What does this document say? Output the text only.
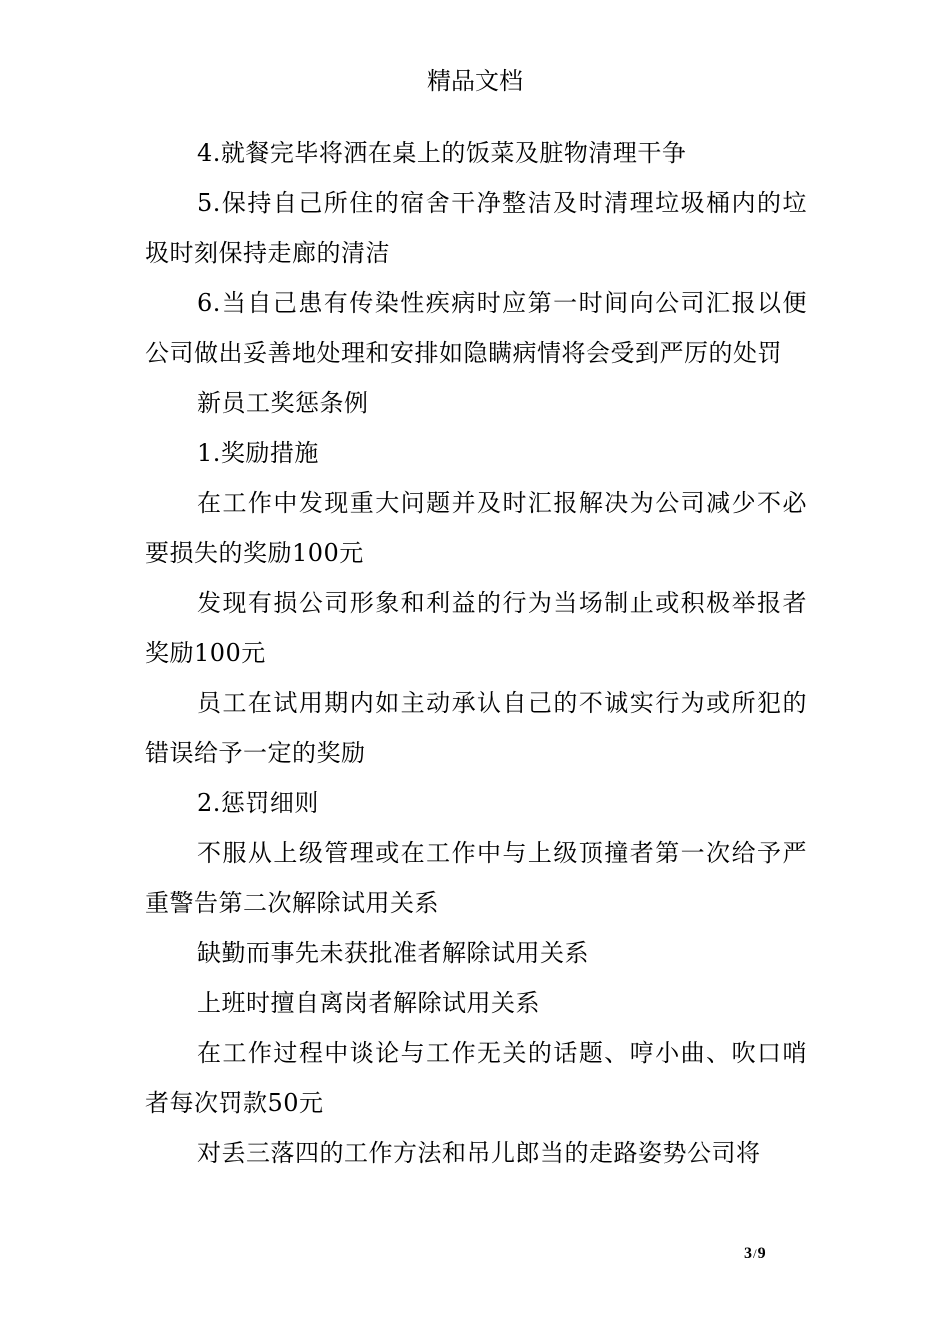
精品文档

4.就餐完毕将洒在桌上的饭菜及脏物清理干争

5.保持自己所住的宿舍干净整洁及时清理垃圾桶内的垃圾时刻保持走廊的清洁

6.当自己患有传染性疾病时应第一时间向公司汇报以便公司做出妥善地处理和安排如隐瞒病情将会受到严厉的处罚

新员工奖惩条例

1.奖励措施

在工作中发现重大问题并及时汇报解决为公司减少不必要损失的奖励100元

发现有损公司形象和利益的行为当场制止或积极举报者奖励100元

员工在试用期内如主动承认自己的不诚实行为或所犯的错误给予一定的奖励

2.惩罚细则

不服从上级管理或在工作中与上级顶撞者第一次给予严重警告第二次解除试用关系

缺勤而事先未获批准者解除试用关系

上班时擅自离岗者解除试用关系

在工作过程中谈论与工作无关的话题、哼小曲、吹口哨者每次罚款50元

对丢三落四的工作方法和吊儿郎当的走路姿势公司将

3/9
